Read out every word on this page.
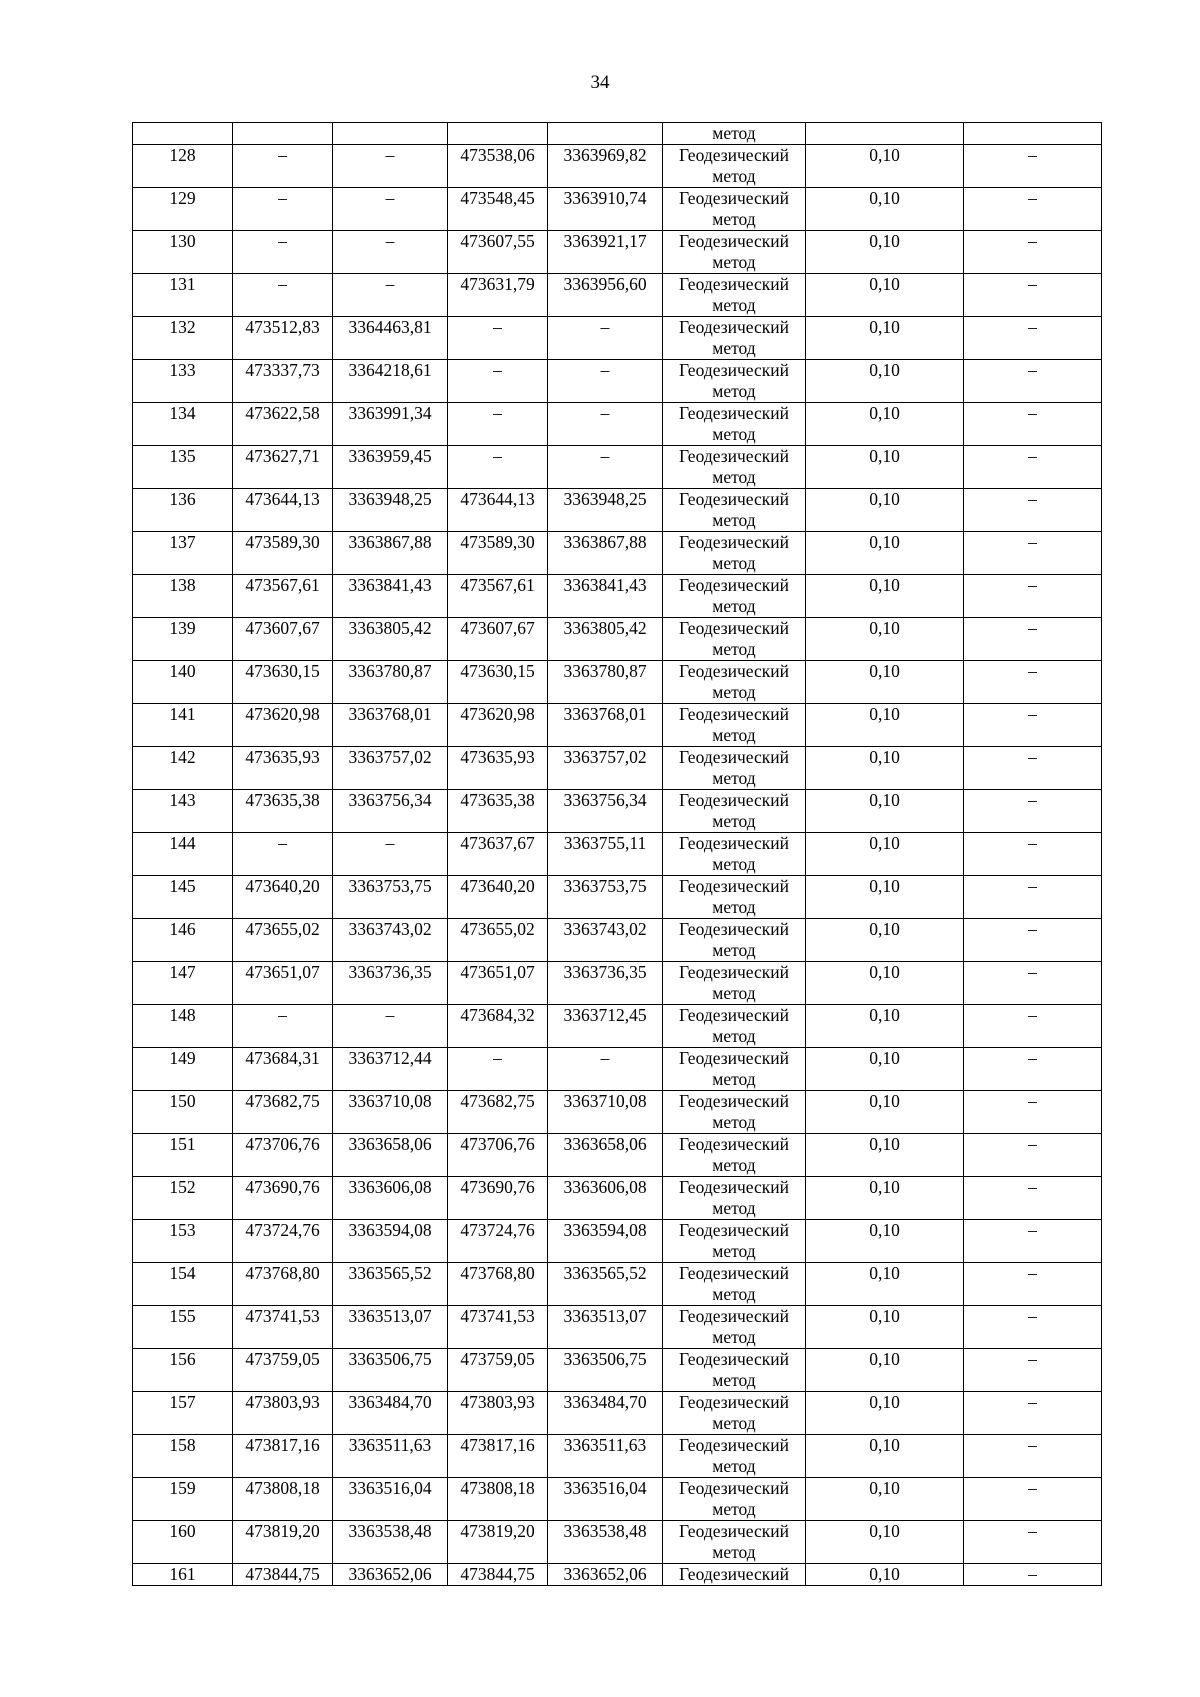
34
					метод		

128	–	–	473538,06	3363969,82	Геодезический
метод	0,10	–

129	–	–	473548,45	3363910,74	Геодезический
метод	0,10	–

130	–	–	473607,55	3363921,17	Геодезический
метод	0,10	–

131	–	–	473631,79	3363956,60	Геодезический
метод	0,10	–

132	473512,83	3364463,81	–	–	Геодезический
метод	0,10	–

133	473337,73	3364218,61	–	–	Геодезический
метод	0,10	–

134	473622,58	3363991,34	–	–	Геодезический
метод	0,10	–

135	473627,71	3363959,45	–	–	Геодезический
метод	0,10	–

136	473644,13	3363948,25	473644,13	3363948,25	Геодезический
метод	0,10	–

137	473589,30	3363867,88	473589,30	3363867,88	Геодезический
метод	0,10	–

138	473567,61	3363841,43	473567,61	3363841,43	Геодезический
метод	0,10	–

139	473607,67	3363805,42	473607,67	3363805,42	Геодезический
метод	0,10	–

140	473630,15	3363780,87	473630,15	3363780,87	Геодезический
метод	0,10	–

141	473620,98	3363768,01	473620,98	3363768,01	Геодезический
метод	0,10	–

142	473635,93	3363757,02	473635,93	3363757,02	Геодезический
метод	0,10	–

143	473635,38	3363756,34	473635,38	3363756,34	Геодезический
метод	0,10	–

144	–	–	473637,67	3363755,11	Геодезический
метод	0,10	–

145	473640,20	3363753,75	473640,20	3363753,75	Геодезический
метод	0,10	–

146	473655,02	3363743,02	473655,02	3363743,02	Геодезический
метод	0,10	–

147	473651,07	3363736,35	473651,07	3363736,35	Геодезический
метод	0,10	–

148	–	–	473684,32	3363712,45	Геодезический
метод	0,10	–

149	473684,31	3363712,44	–	–	Геодезический
метод	0,10	–

150	473682,75	3363710,08	473682,75	3363710,08	Геодезический
метод	0,10	–

151	473706,76	3363658,06	473706,76	3363658,06	Геодезический
метод	0,10	–

152	473690,76	3363606,08	473690,76	3363606,08	Геодезический
метод	0,10	–

153	473724,76	3363594,08	473724,76	3363594,08	Геодезический
метод	0,10	–

154	473768,80	3363565,52	473768,80	3363565,52	Геодезический
метод	0,10	–

155	473741,53	3363513,07	473741,53	3363513,07	Геодезический
метод	0,10	–

156	473759,05	3363506,75	473759,05	3363506,75	Геодезический
метод	0,10	–

157	473803,93	3363484,70	473803,93	3363484,70	Геодезический
метод	0,10	–

158	473817,16	3363511,63	473817,16	3363511,63	Геодезический
метод	0,10	–

159	473808,18	3363516,04	473808,18	3363516,04	Геодезический
метод	0,10	–

160	473819,20	3363538,48	473819,20	3363538,48	Геодезический
метод	0,10	–

161	473844,75	3363652,06	473844,75	3363652,06	Геодезический	0,10	–
